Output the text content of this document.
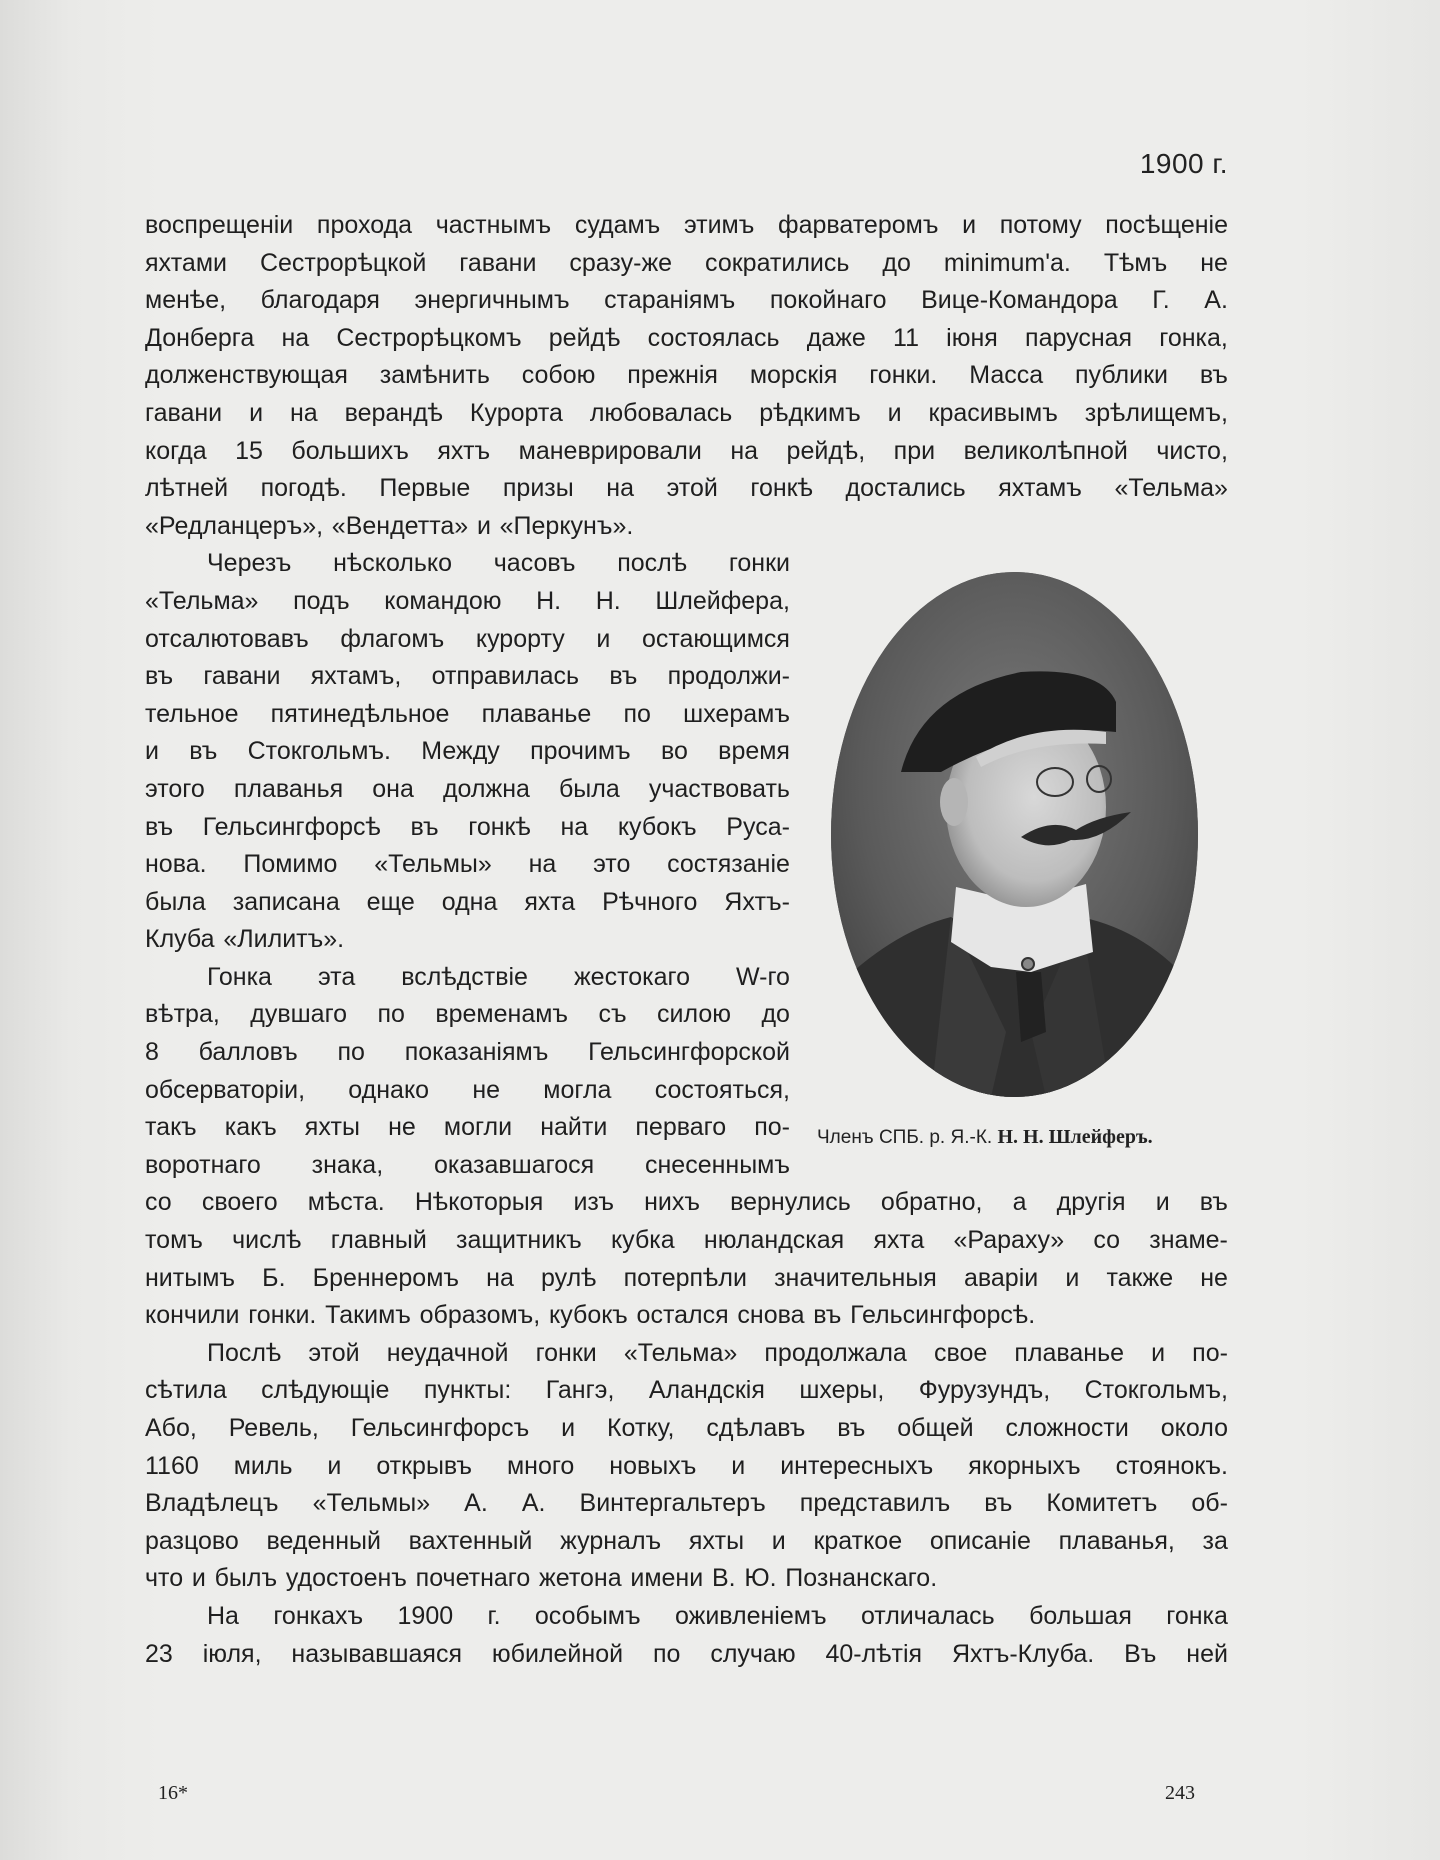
1900 г.
воспрещенiи прохода частнымъ судамъ этимъ фарватеромъ и потому посѣщенiе
яхтами Сестрорѣцкой гавани сразу-же сократились до minimum'а. Тѣмъ не
менѣе, благодаря энергичнымъ стараніямъ покойнаго Вице-Командора Г. А.
Донберга на Сестрорѣцкомъ рейдѣ состоялась даже 11 iюня парусная гонка,
долженствующая замѣнить собою прежнія морскія гонки. Масса публики въ
гавани и на верандѣ Курорта любовалась рѣдкимъ и красивымъ зрѣлищемъ,
когда 15 большихъ яхтъ маневрировали на рейдѣ, при великолѣпной чисто,
лѣтней погодѣ. Первые призы на этой гонкѣ достались яхтамъ «Тельма»
«Редланцеръ», «Вендетта» и «Перкунъ».
Черезъ нѣсколько часовъ послѣ гонки
«Тельма» подъ командою Н. Н. Шлейфера,
отсалютовавъ флагомъ курорту и остающимся
въ гавани яхтамъ, отправилась въ продолжи-
тельное пятинедѣльное плаванье по шхерамъ
и въ Стокгольмъ. Между прочимъ во время
этого плаванья она должна была участвовать
въ Гельсингфорсѣ въ гонкѣ на кубокъ Руса-
нова. Помимо «Тельмы» на это состязанiе
была записана еще одна яхта Рѣчного Яхтъ-
Клуба «Лилитъ».
Гонка эта вслѣдствiе жестокаго W-го
вѣтра, дувшаго по временамъ съ силою до
8 балловъ по показанiямъ Гельсингфорской
обсерваторiи, однако не могла состояться,
такъ какъ яхты не могли найти перваго по-
воротнаго знака, оказавшагося снесеннымъ
со своего мѣста. Нѣкоторыя изъ нихъ вернулись обратно, а другiя и въ
томъ числѣ главный защитникъ кубка нюландская яхта «Рараху» со знаме-
нитымъ Б. Бреннеромъ на рулѣ потерпѣли значительныя аварiи и также не
кончили гонки. Такимъ образомъ, кубокъ остался снова въ Гельсингфорсѣ.
Послѣ этой неудачной гонки «Тельма» продолжала свое плаванье и по-
сѣтила слѣдующiе пункты: Гангэ, Аландскiя шхеры, Фурузундъ, Стокгольмъ,
Або, Ревель, Гельсингфорсъ и Котку, сдѣлавъ въ общей сложности около
1160 миль и открывъ много новыхъ и интересныхъ якорныхъ стоянокъ.
Владѣлецъ «Тельмы» А. А. Винтергальтеръ представилъ въ Комитетъ об-
разцово веденный вахтенный журналъ яхты и краткое описанiе плаванья, за
что и былъ удостоенъ почетнаго жетона имени В. Ю. Познанскаго.
На гонкахъ 1900 г. особымъ оживленiемъ отличалась большая гонка
23 iюля, называвшаяся юбилейной по случаю 40-лѣтiя Яхтъ-Клуба. Въ ней
Членъ СПБ. р. Я.-К. Н. Н. Шлейферъ.
16*	243
